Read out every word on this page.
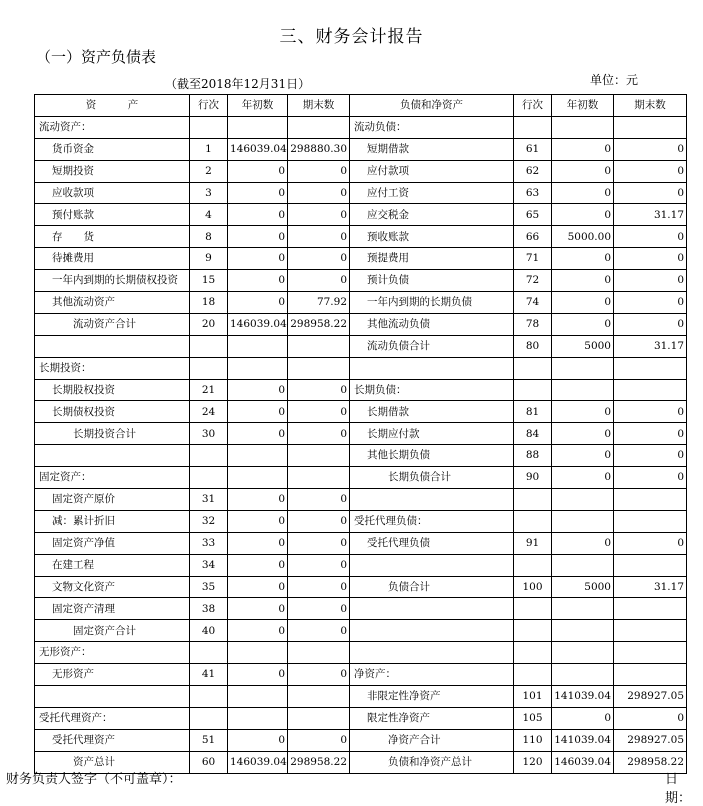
三、财务会计报告
（一）资产负债表
（截至2018年12月31日）	单位：元
资　　　产	行次	年初数	期末数	负债和净资产	行次	年初数	期末数
流动资产：				流动负债：			
货币资金	1	146039.04	298880.30	短期借款	61	0	0
短期投资	2	0	0	应付款项	62	0	0
应收款项	3	0	0	应付工资	63	0	0
预付账款	4	0	0	应交税金	65	0	31.17
存　　货	8	0	0	预收账款	66	5000.00	0
待摊费用	9	0	0	预提费用	71	0	0
一年内到期的长期债权投资	15	0	0	预计负债	72	0	0
其他流动资产	18	0	77.92	一年内到期的长期负债	74	0	0
流动资产合计	20	146039.04	298958.22	其他流动负债	78	0	0
				流动负债合计	80	5000	31.17
长期投资：							
长期股权投资	21	0	0	长期负债：			
长期债权投资	24	0	0	长期借款	81	0	0
长期投资合计	30	0	0	长期应付款	84	0	0
				其他长期负债	88	0	0
固定资产：				长期负债合计	90	0	0
固定资产原价	31	0	0				
减：累计折旧	32	0	0	受托代理负债：			
固定资产净值	33	0	0	受托代理负债	91	0	0
在建工程	34	0	0				
文物文化资产	35	0	0	负债合计	100	5000	31.17
固定资产清理	38	0	0				
固定资产合计	40	0	0				
无形资产：							
无形资产	41	0	0	净资产：			
				非限定性净资产	101	141039.04	298927.05
受托代理资产：				限定性净资产	105	0	0
受托代理资产	51	0	0	净资产合计	110	141039.04	298927.05
资产总计	60	146039.04	298958.22	负债和净资产总计	120	146039.04	298958.22
财务负责人签字（不可盖章）：	日期：
